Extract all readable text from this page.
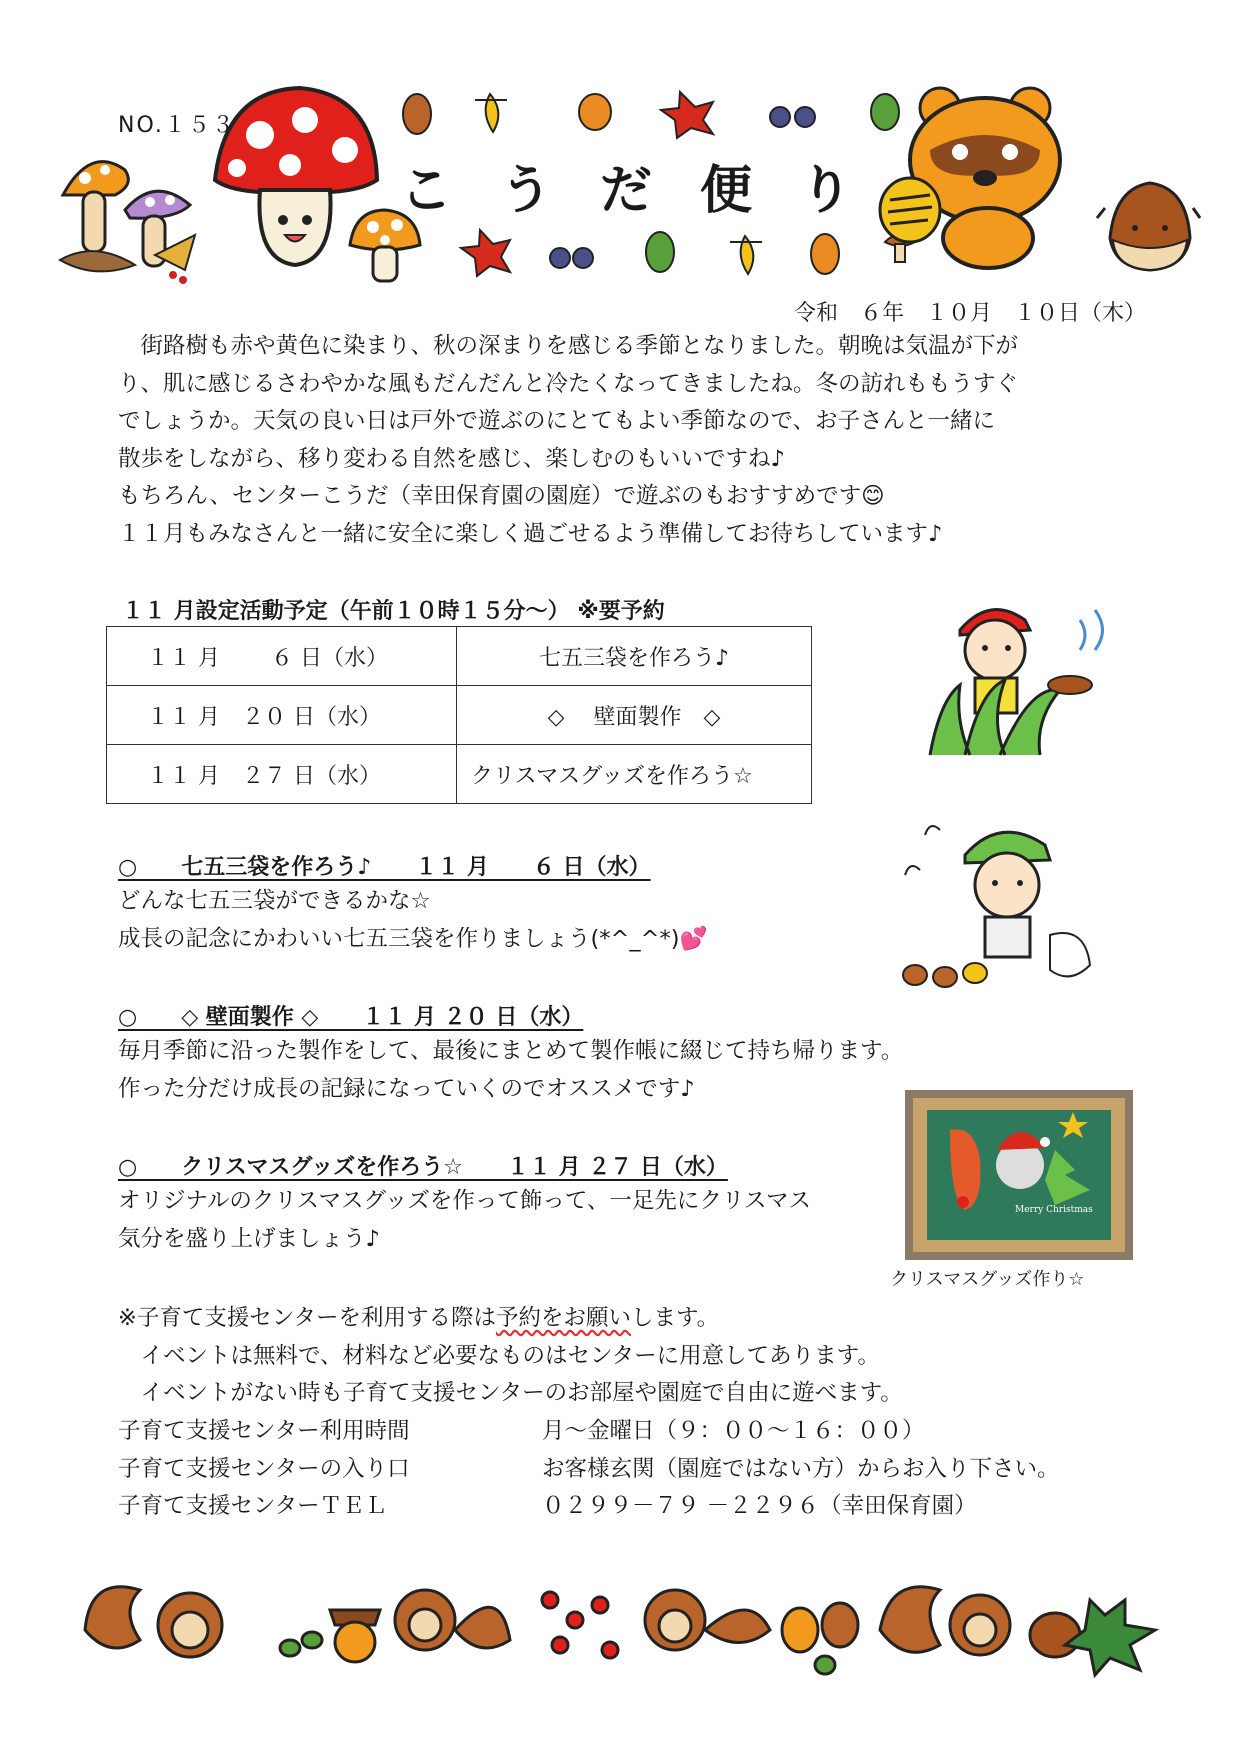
NO.１５３
こうだ便り
令和　６年　１０月　１０日（木）

　街路樹も赤や黄色に染まり、秋の深まりを感じる季節となりました。朝晩は気温が下が

り、肌に感じるさわやかな風もだんだんと冷たくなってきましたね。冬の訪れももうすぐ

でしょうか。天気の良い日は戸外で遊ぶのにとてもよい季節なので、お子さんと一緒に

散歩をしながら、移り変わる自然を感じ、楽しむのもいいですね♪

もちろん、センターこうだ（幸田保育園の園庭）で遊ぶのもおすすめです😊

１１月もみなさんと一緒に安全に楽しく過ごせるよう準備してお待ちしています♪

１１ 月設定活動予定（午前１０時１５分～） ※要予約
１１ 月　　 ６ 日（水）	七五三袋を作ろう♪
１１ 月　２０ 日（水）	◇　 壁面製作　◇
１１ 月　２７ 日（水）	クリスマスグッズを作ろう☆
○　　七五三袋を作ろう♪　　１１ 月　　６ 日（水）

どんな七五三袋ができるかな☆

成長の記念にかわいい七五三袋を作りましょう(*^_^*)💕

○　　◇ 壁面製作 ◇　　１１ 月 ２０ 日（水）

毎月季節に沿った製作をして、最後にまとめて製作帳に綴じて持ち帰ります。

作った分だけ成長の記録になっていくのでオススメです♪

Merry Christmas
クリスマスグッズ作り☆
○　　クリスマスグッズを作ろう☆　　１１ 月 ２７ 日（水）

オリジナルのクリスマスグッズを作って飾って、一足先にクリスマス

気分を盛り上げましょう♪

※子育て支援センターを利用する際は予約をお願いします。

　イベントは無料で、材料など必要なものはセンターに用意してあります。

　イベントがない時も子育て支援センターのお部屋や園庭で自由に遊べます。

子育て支援センター利用時間	月～金曜日（９：００～１６：００）
子育て支援センターの入り口	お客様玄関（園庭ではない方）からお入り下さい。
子育て支援センターＴＥＬ	０２９９－７９ －２２９６（幸田保育園）
